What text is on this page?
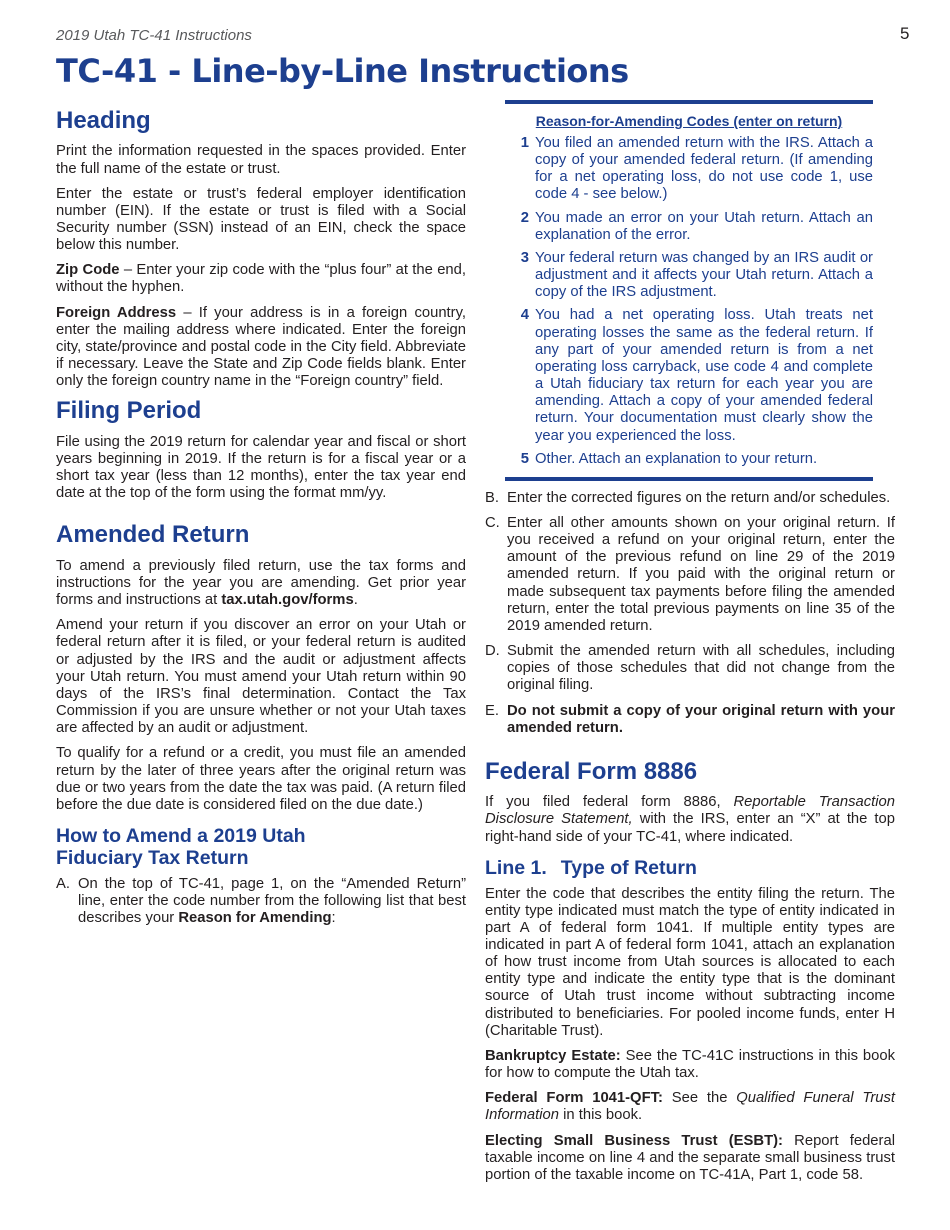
2019 Utah TC-41 Instructions	5
TC-41 - Line-by-Line Instructions
Heading

Print the information requested in the spaces provided. Enter the full name of the estate or trust.

Enter the estate or trust’s federal employer identification number (EIN). If the estate or trust is filed with a Social Security number (SSN) instead of an EIN, check the space below this number.

Zip Code – Enter your zip code with the “plus four” at the end, without the hyphen.

Foreign Address – If your address is in a foreign country, enter the mailing address where indicated. Enter the foreign city, state/province and postal code in the City field. Abbreviate if necessary. Leave the State and Zip Code fields blank. Enter only the foreign country name in the “Foreign country” field.

Filing Period

File using the 2019 return for calendar year and fiscal or short years beginning in 2019. If the return is for a fiscal year or a short tax year (less than 12 months), enter the tax year end date at the top of the form using the format mm/yy.

Amended Return

To amend a previously filed return, use the tax forms and instructions for the year you are amending. Get prior year forms and instructions at tax.utah.gov/forms.

Amend your return if you discover an error on your Utah or federal return after it is filed, or your federal return is audited or adjusted by the IRS and the audit or adjustment affects your Utah return. You must amend your Utah return within 90 days of the IRS’s final determination. Contact the Tax Commission if you are unsure whether or not your Utah taxes are affected by an audit or adjustment.

To qualify for a refund or a credit, you must file an amended return by the later of three years after the original return was due or two years from the date the tax was paid. (A return filed before the due date is considered filed on the due date.)

How to Amend a 2019 Utah Fiduciary Tax Return
A. On the top of TC-41, page 1, on the “Amended Return” line, enter the code number from the following list that best describes your Reason for Amending:
Reason-for-Amending Codes (enter on return)
1 You filed an amended return with the IRS. Attach a copy of your amended federal return. (If amending for a net operating loss, do not use code 1, use code 4 - see below.)
2 You made an error on your Utah return. Attach an explanation of the error.
3 Your federal return was changed by an IRS audit or adjustment and it affects your Utah return. Attach a copy of the IRS adjustment.
4 You had a net operating loss. Utah treats net operating losses the same as the federal return. If any part of your amended return is from a net operating loss carryback, use code 4 and complete a Utah fiduciary tax return for each year you are amending. Attach a copy of your amended federal return. Your documentation must clearly show the year you experienced the loss.
5 Other. Attach an explanation to your return.
B. Enter the corrected figures on the return and/or schedules.
C. Enter all other amounts shown on your original return. If you received a refund on your original return, enter the amount of the previous refund on line 29 of the 2019 amended return. If you paid with the original return or made subsequent tax payments before filing the amended return, enter the total previous payments on line 35 of the 2019 amended return.
D. Submit the amended return with all schedules, including copies of those schedules that did not change from the original filing.
E. Do not submit a copy of your original return with your amended return.
Federal Form 8886

If you filed federal form 8886, Reportable Transaction Disclosure Statement, with the IRS, enter an “X” at the top right-hand side of your TC-41, where indicated.

Line 1. Type of Return

Enter the code that describes the entity filing the return. The entity type indicated must match the type of entity indicated in part A of federal form 1041. If multiple entity types are indicated in part A of federal form 1041, attach an explanation of how trust income from Utah sources is allocated to each entity type and indicate the entity type that is the dominant source of Utah trust income without subtracting income distributed to beneficiaries. For pooled income funds, enter H (Charitable Trust).

Bankruptcy Estate: See the TC-41C instructions in this book for how to compute the Utah tax.

Federal Form 1041-QFT: See the Qualified Funeral Trust Information in this book.

Electing Small Business Trust (ESBT): Report federal taxable income on line 4 and the separate small business trust portion of the taxable income on TC-41A, Part 1, code 58.
